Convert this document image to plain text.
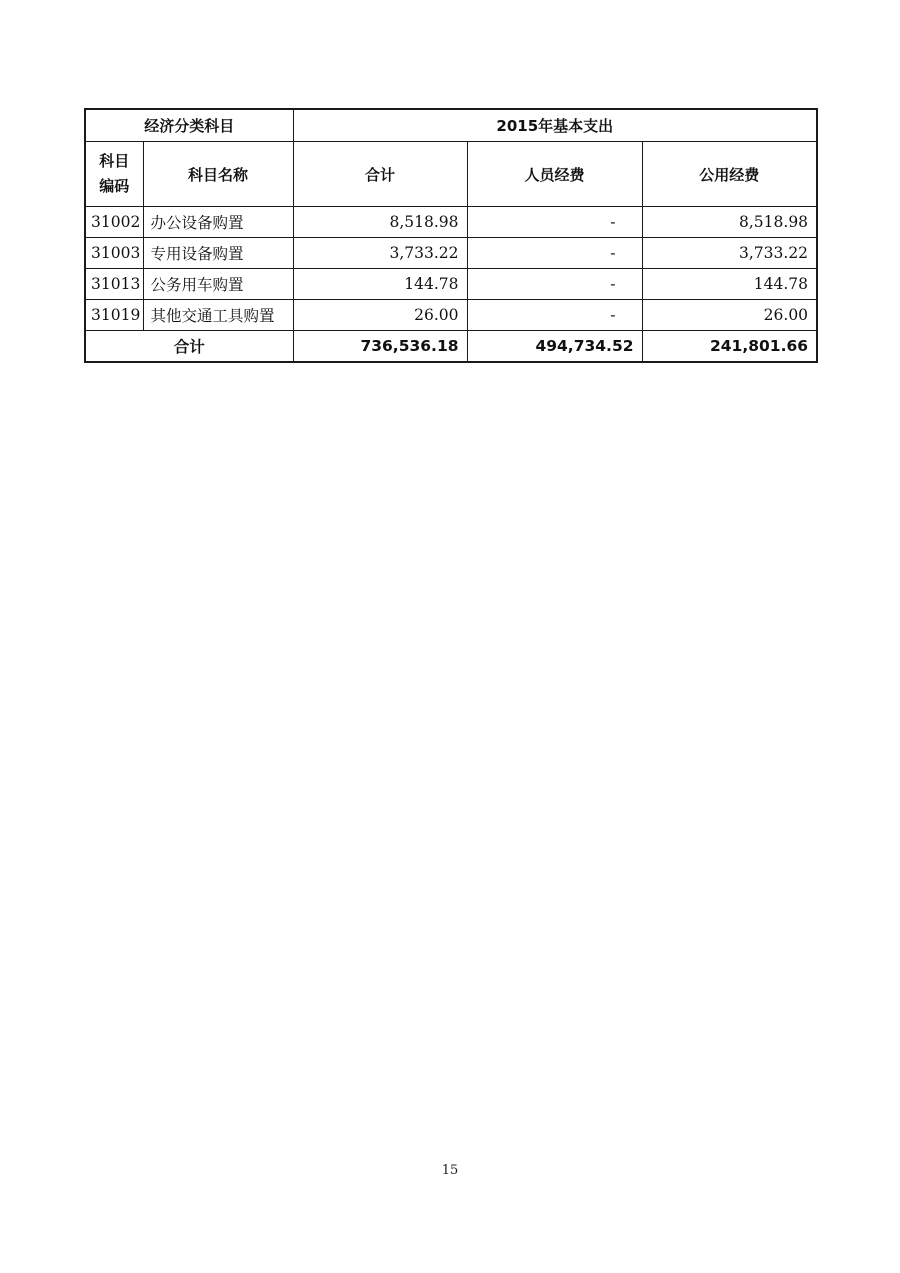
经济分类科目		2015年基本支出		

科目
编码	科目名称	合计	人员经费	公用经费
31002	办公设备购置	8,518.98	-	8,518.98
31003	专用设备购置	3,733.22	-	3,733.22
31013	公务用车购置	144.78	-	144.78
31019	其他交通工具购置	26.00	-	26.00
合计		736,536.18	494,734.52	241,801.66
15
